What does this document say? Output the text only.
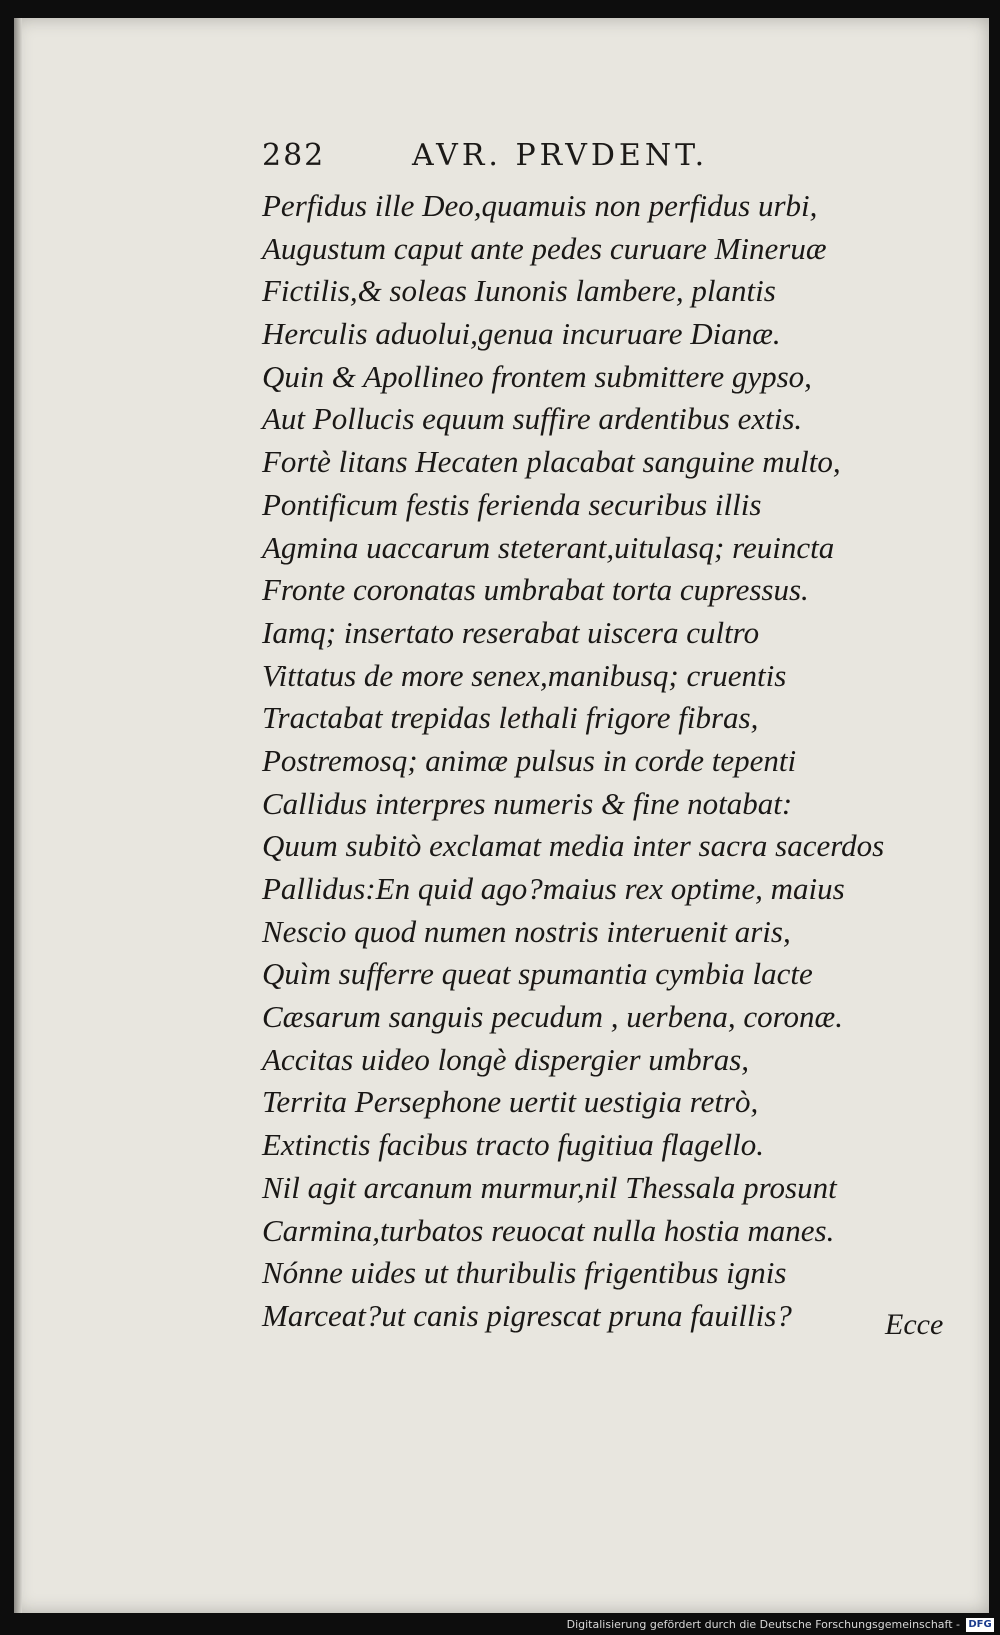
282	AVR. PRVDENT.
Perfidus ille Deo,quamuis non perfidus urbi,
Augustum caput ante pedes curuare Mineruæ
Fictilis,& soleas Iunonis lambere, plantis
Herculis aduolui,genua incuruare Dianæ.
Quin & Apollineo frontem submittere gypso,
Aut Pollucis equum suffire ardentibus extis.
Fortè litans Hecaten placabat sanguine multo,
Pontificum festis ferienda securibus illis
Agmina uaccarum steterant,uitulasq; reuincta
Fronte coronatas umbrabat torta cupressus.
Iamq; insertato reserabat uiscera cultro
Vittatus de more senex,manibusq; cruentis
Tractabat trepidas lethali frigore fibras,
Postremosq; animæ pulsus in corde tepenti
Callidus interpres numeris & fine notabat:
Quum subitò exclamat media inter sacra sacerdos
Pallidus:En quid ago?maius rex optime, maius
Nescio quod numen nostris interuenit aris,
Quìm sufferre queat spumantia cymbia lacte
Cæsarum sanguis pecudum , uerbena, coronæ.
Accitas uideo longè dispergier umbras,
Territa Persephone uertit uestigia retrò,
Extinctis facibus tracto fugitiua flagello.
Nil agit arcanum murmur,nil Thessala prosunt
Carmina,turbatos reuocat nulla hostia manes.
Nónne uides ut thuribulis frigentibus ignis
Marceat?ut canis pigrescat pruna fauillis?	Ecce
Digitalisierung gefördert durch die Deutsche Forschungsgemeinschaft - DFG
